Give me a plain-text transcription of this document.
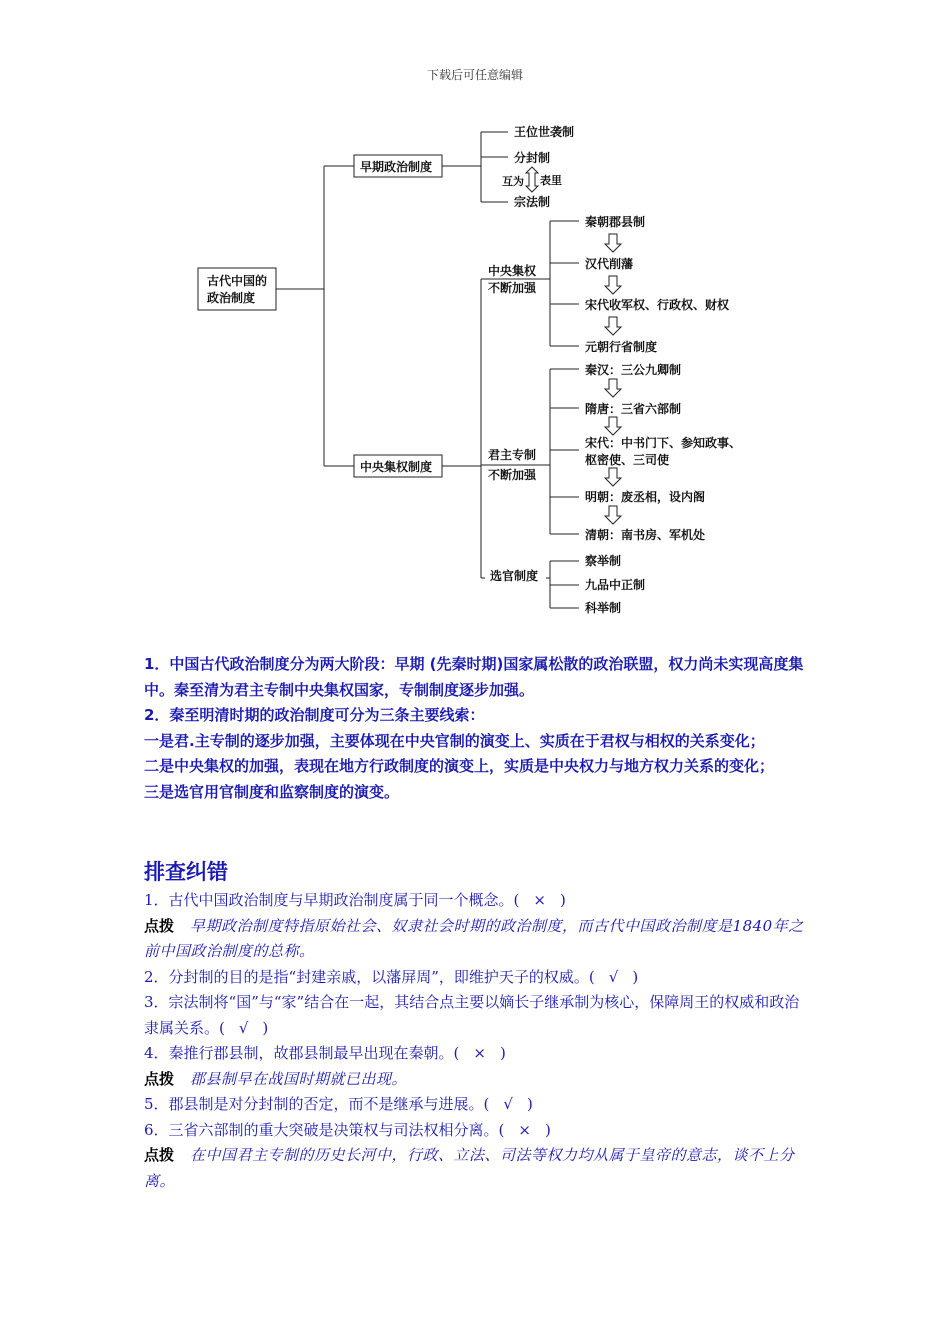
下载后可任意编辑
古代中国的
政治制度
早期政治制度
王位世袭制
分封制
宗法制
互为 表里
中央集权制度
中央集权
不断加强
秦朝郡县制
汉代削藩
宋代收军权、行政权、财权
元朝行省制度
君主专制
不断加强
秦汉：三公九卿制
隋唐：三省六部制
宋代：中书门下、参知政事、
枢密使、三司使
明朝：废丞相，设内阁
清朝：南书房、军机处
选官制度
察举制
九品中正制
科举制

1．中国古代政治制度分为两大阶段：早期 (先秦时期)国家属松散的政治联盟，权力尚未实现高度集中。秦至清为君主专制中央集权国家，专制制度逐步加强。

2．秦至明清时期的政治制度可分为三条主要线索：

一是君.主专制的逐步加强，主要体现在中央官制的演变上、实质在于君权与相权的关系变化；

二是中央集权的加强，表现在地方行政制度的演变上，实质是中央权力与地方权力关系的变化；

三是选官用官制度和监察制度的演变。

排查纠错

1．古代中国政治制度与早期政治制度属于同一个概念。( × )

点拨 早期政治制度特指原始社会、奴隶社会时期的政治制度，而古代中国政治制度是1840年之前中国政治制度的总称。

2．分封制的目的是指“封建亲戚，以藩屏周”，即维护天子的权威。( √ )

3．宗法制将“国”与“家”结合在一起，其结合点主要以嫡长子继承制为核心，保障周王的权威和政治隶属关系。( √ )

4．秦推行郡县制，故郡县制最早出现在秦朝。( × )

点拨 郡县制早在战国时期就已出现。

5．郡县制是对分封制的否定，而不是继承与进展。( √ )

6．三省六部制的重大突破是决策权与司法权相分离。( × )

点拨 在中国君主专制的历史长河中，行政、立法、司法等权力均从属于皇帝的意志，谈不上分离。
